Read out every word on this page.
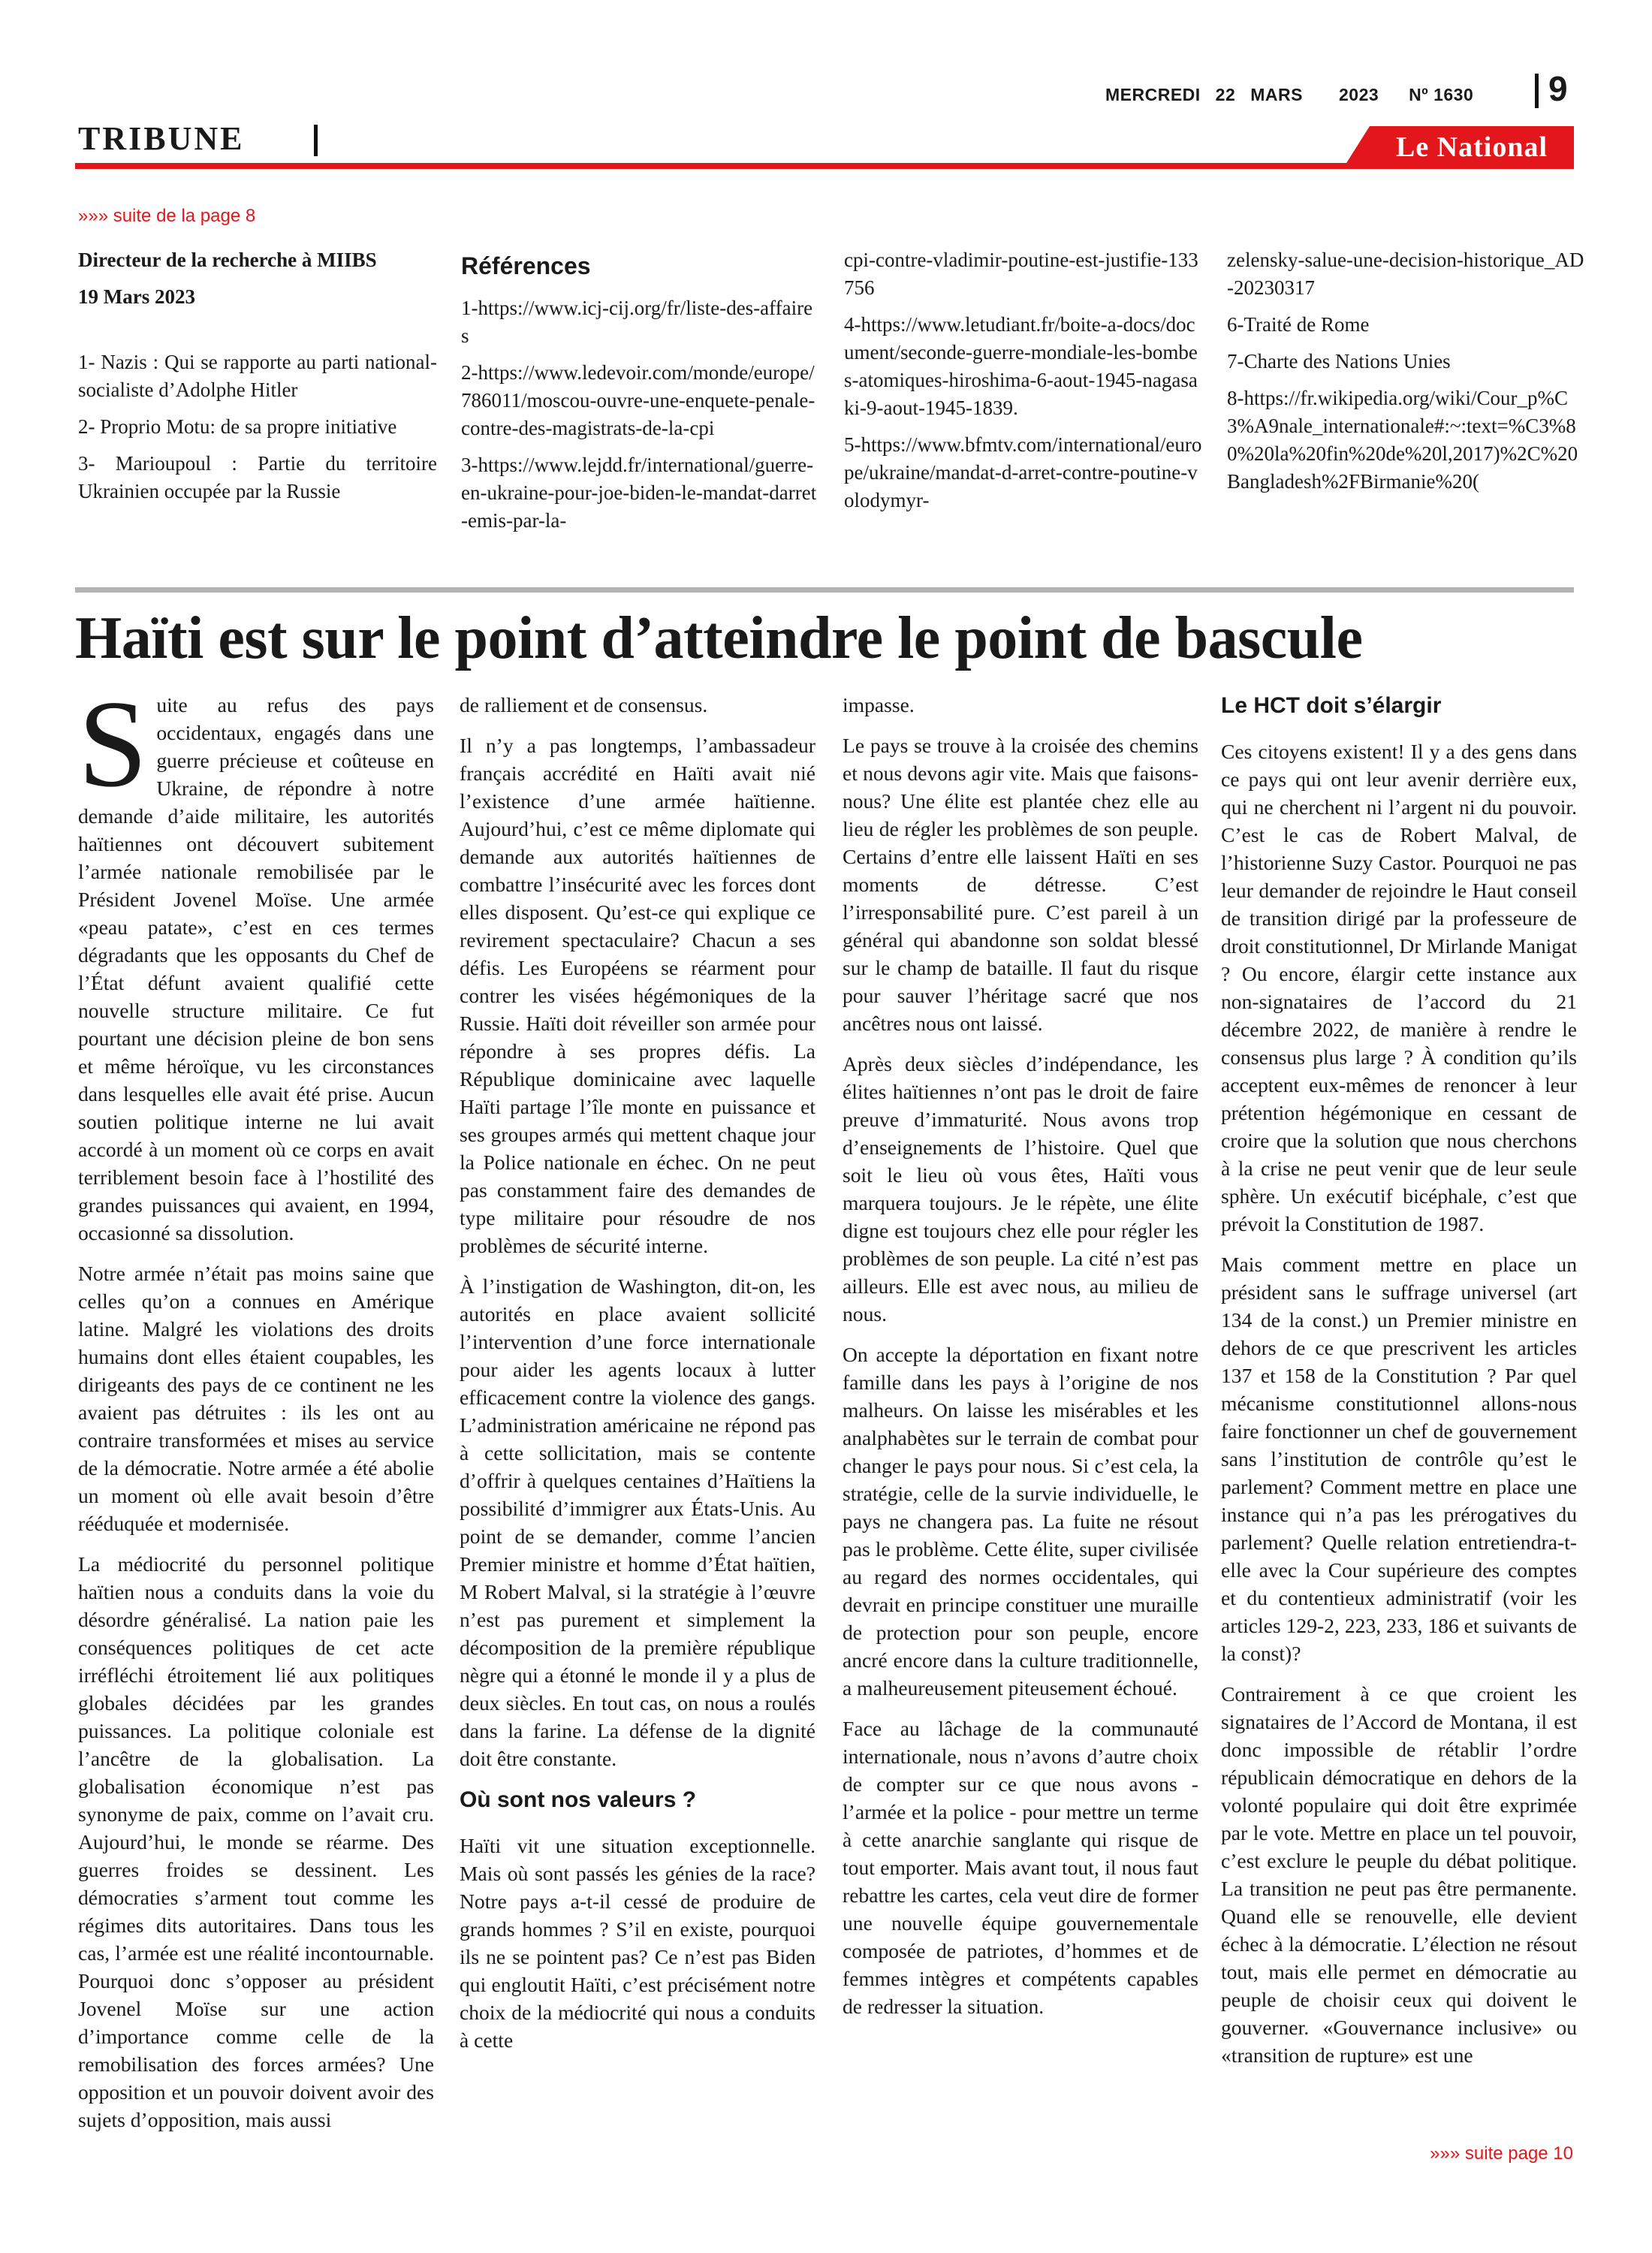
MERCREDI 22 MARS 2023 Nº 1630	9
TRIBUNE	Le National
»»» suite de la page 8

Directeur de la recherche à MIIBS

19 Mars 2023

1- Nazis : Qui se rapporte au parti national-socialiste d’Adolphe Hitler

2- Proprio Motu: de sa propre initiative

3- Marioupoul : Partie du territoire Ukrainien occupée par la Russie

Références

1-https://www.icj-cij.org/fr/liste-des-affaires

2-https://www.ledevoir.com/monde/europe/786011/moscou-ouvre-une-enquete-penale-contre-des-magistrats-de-la-cpi

3-https://www.lejdd.fr/international/guerre-en-ukraine-pour-joe-biden-le-mandat-darret-emis-par-la-

cpi-contre-vladimir-poutine-est-justifie-133756

4-https://www.letudiant.fr/boite-a-docs/document/seconde-guerre-mondiale-les-bombes-atomiques-hiroshima-6-aout-1945-nagasaki-9-aout-1945-1839.

5-https://www.bfmtv.com/international/europe/ukraine/mandat-d-arret-contre-poutine-volodymyr-

zelensky-salue-une-decision-historique_AD-20230317

6-Traité de Rome

7-Charte des Nations Unies

8-https://fr.wikipedia.org/wiki/Cour_p%C3%A9nale_internationale#:~:text=%C3%80%20la%20fin%20de%20l,2017)%2C%20Bangladesh%2FBirmanie%20(

Haïti est sur le point d’atteindre le point de bascule

Suite au refus des pays occidentaux, engagés dans une guerre précieuse et coûteuse en Ukraine, de répondre à notre demande d’aide militaire, les autorités haïtiennes ont découvert subitement l’armée nationale remobilisée par le Président Jovenel Moïse. Une armée «peau patate», c’est en ces termes dégradants que les opposants du Chef de l’État défunt avaient qualifié cette nouvelle structure militaire. Ce fut pourtant une décision pleine de bon sens et même héroïque, vu les circonstances dans lesquelles elle avait été prise. Aucun soutien politique interne ne lui avait accordé à un moment où ce corps en avait terriblement besoin face à l’hostilité des grandes puissances qui avaient, en 1994, occasionné sa dissolution.

Notre armée n’était pas moins saine que celles qu’on a connues en Amérique latine. Malgré les violations des droits humains dont elles étaient coupables, les dirigeants des pays de ce continent ne les avaient pas détruites : ils les ont au contraire transformées et mises au service de la démocratie. Notre armée a été abolie un moment où elle avait besoin d’être rééduquée et modernisée.

La médiocrité du personnel politique haïtien nous a conduits dans la voie du désordre généralisé. La nation paie les conséquences politiques de cet acte irréfléchi étroitement lié aux politiques globales décidées par les grandes puissances. La politique coloniale est l’ancêtre de la globalisation. La globalisation économique n’est pas synonyme de paix, comme on l’avait cru. Aujourd’hui, le monde se réarme. Des guerres froides se dessinent. Les démocraties s’arment tout comme les régimes dits autoritaires. Dans tous les cas, l’armée est une réalité incontournable. Pourquoi donc s’opposer au président Jovenel Moïse sur une action d’importance comme celle de la remobilisation des forces armées? Une opposition et un pouvoir doivent avoir des sujets d’opposition, mais aussi

de ralliement et de consensus.

Il n’y a pas longtemps, l’ambassadeur français accrédité en Haïti avait nié l’existence d’une armée haïtienne. Aujourd’hui, c’est ce même diplomate qui demande aux autorités haïtiennes de combattre l’insécurité avec les forces dont elles disposent. Qu’est-ce qui explique ce revirement spectaculaire? Chacun a ses défis. Les Européens se réarment pour contrer les visées hégémoniques de la Russie. Haïti doit réveiller son armée pour répondre à ses propres défis. La République dominicaine avec laquelle Haïti partage l’île monte en puissance et ses groupes armés qui mettent chaque jour la Police nationale en échec. On ne peut pas constamment faire des demandes de type militaire pour résoudre de nos problèmes de sécurité interne.

À l’instigation de Washington, dit-on, les autorités en place avaient sollicité l’intervention d’une force internationale pour aider les agents locaux à lutter efficacement contre la violence des gangs. L’administration américaine ne répond pas à cette sollicitation, mais se contente d’offrir à quelques centaines d’Haïtiens la possibilité d’immigrer aux États-Unis. Au point de se demander, comme l’ancien Premier ministre et homme d’État haïtien, M Robert Malval, si la stratégie à l’œuvre n’est pas purement et simplement la décomposition de la première république nègre qui a étonné le monde il y a plus de deux siècles. En tout cas, on nous a roulés dans la farine. La défense de la dignité doit être constante.

Où sont nos valeurs ?

Haïti vit une situation exceptionnelle. Mais où sont passés les génies de la race? Notre pays a-t-il cessé de produire de grands hommes ? S’il en existe, pourquoi ils ne se pointent pas? Ce n’est pas Biden qui engloutit Haïti, c’est précisément notre choix de la médiocrité qui nous a conduits à cette

impasse.

Le pays se trouve à la croisée des chemins et nous devons agir vite. Mais que faisons-nous? Une élite est plantée chez elle au lieu de régler les problèmes de son peuple. Certains d’entre elle laissent Haïti en ses moments de détresse. C’est l’irresponsabilité pure. C’est pareil à un général qui abandonne son soldat blessé sur le champ de bataille. Il faut du risque pour sauver l’héritage sacré que nos ancêtres nous ont laissé.

Après deux siècles d’indépendance, les élites haïtiennes n’ont pas le droit de faire preuve d’immaturité. Nous avons trop d’enseignements de l’histoire. Quel que soit le lieu où vous êtes, Haïti vous marquera toujours. Je le répète, une élite digne est toujours chez elle pour régler les problèmes de son peuple. La cité n’est pas ailleurs. Elle est avec nous, au milieu de nous.

On accepte la déportation en fixant notre famille dans les pays à l’origine de nos malheurs. On laisse les misérables et les analphabètes sur le terrain de combat pour changer le pays pour nous. Si c’est cela, la stratégie, celle de la survie individuelle, le pays ne changera pas. La fuite ne résout pas le problème. Cette élite, super civilisée au regard des normes occidentales, qui devrait en principe constituer une muraille de protection pour son peuple, encore ancré encore dans la culture traditionnelle, a malheureusement piteusement échoué.

Face au lâchage de la communauté internationale, nous n’avons d’autre choix de compter sur ce que nous avons - l’armée et la police - pour mettre un terme à cette anarchie sanglante qui risque de tout emporter. Mais avant tout, il nous faut rebattre les cartes, cela veut dire de former une nouvelle équipe gouvernementale composée de patriotes, d’hommes et de femmes intègres et compétents capables de redresser la situation.

Le HCT doit s’élargir

Ces citoyens existent! Il y a des gens dans ce pays qui ont leur avenir derrière eux, qui ne cherchent ni l’argent ni du pouvoir. C’est le cas de Robert Malval, de l’historienne Suzy Castor. Pourquoi ne pas leur demander de rejoindre le Haut conseil de transition dirigé par la professeure de droit constitutionnel, Dr Mirlande Manigat ? Ou encore, élargir cette instance aux non-signataires de l’accord du 21 décembre 2022, de manière à rendre le consensus plus large ? À condition qu’ils acceptent eux-mêmes de renoncer à leur prétention hégémonique en cessant de croire que la solution que nous cherchons à la crise ne peut venir que de leur seule sphère. Un exécutif bicéphale, c’est que prévoit la Constitution de 1987.

Mais comment mettre en place un président sans le suffrage universel (art 134 de la const.) un Premier ministre en dehors de ce que prescrivent les articles 137 et 158 de la Constitution ? Par quel mécanisme constitutionnel allons-nous faire fonctionner un chef de gouvernement sans l’institution de contrôle qu’est le parlement? Comment mettre en place une instance qui n’a pas les prérogatives du parlement? Quelle relation entretiendra-t-elle avec la Cour supérieure des comptes et du contentieux administratif (voir les articles 129-2, 223, 233, 186 et suivants de la const)?

Contrairement à ce que croient les signataires de l’Accord de Montana, il est donc impossible de rétablir l’ordre républicain démocratique en dehors de la volonté populaire qui doit être exprimée par le vote. Mettre en place un tel pouvoir, c’est exclure le peuple du débat politique. La transition ne peut pas être permanente. Quand elle se renouvelle, elle devient échec à la démocratie. L’élection ne résout tout, mais elle permet en démocratie au peuple de choisir ceux qui doivent le gouverner. «Gouvernance inclusive» ou «transition de rupture» est une

»»» suite page 10
